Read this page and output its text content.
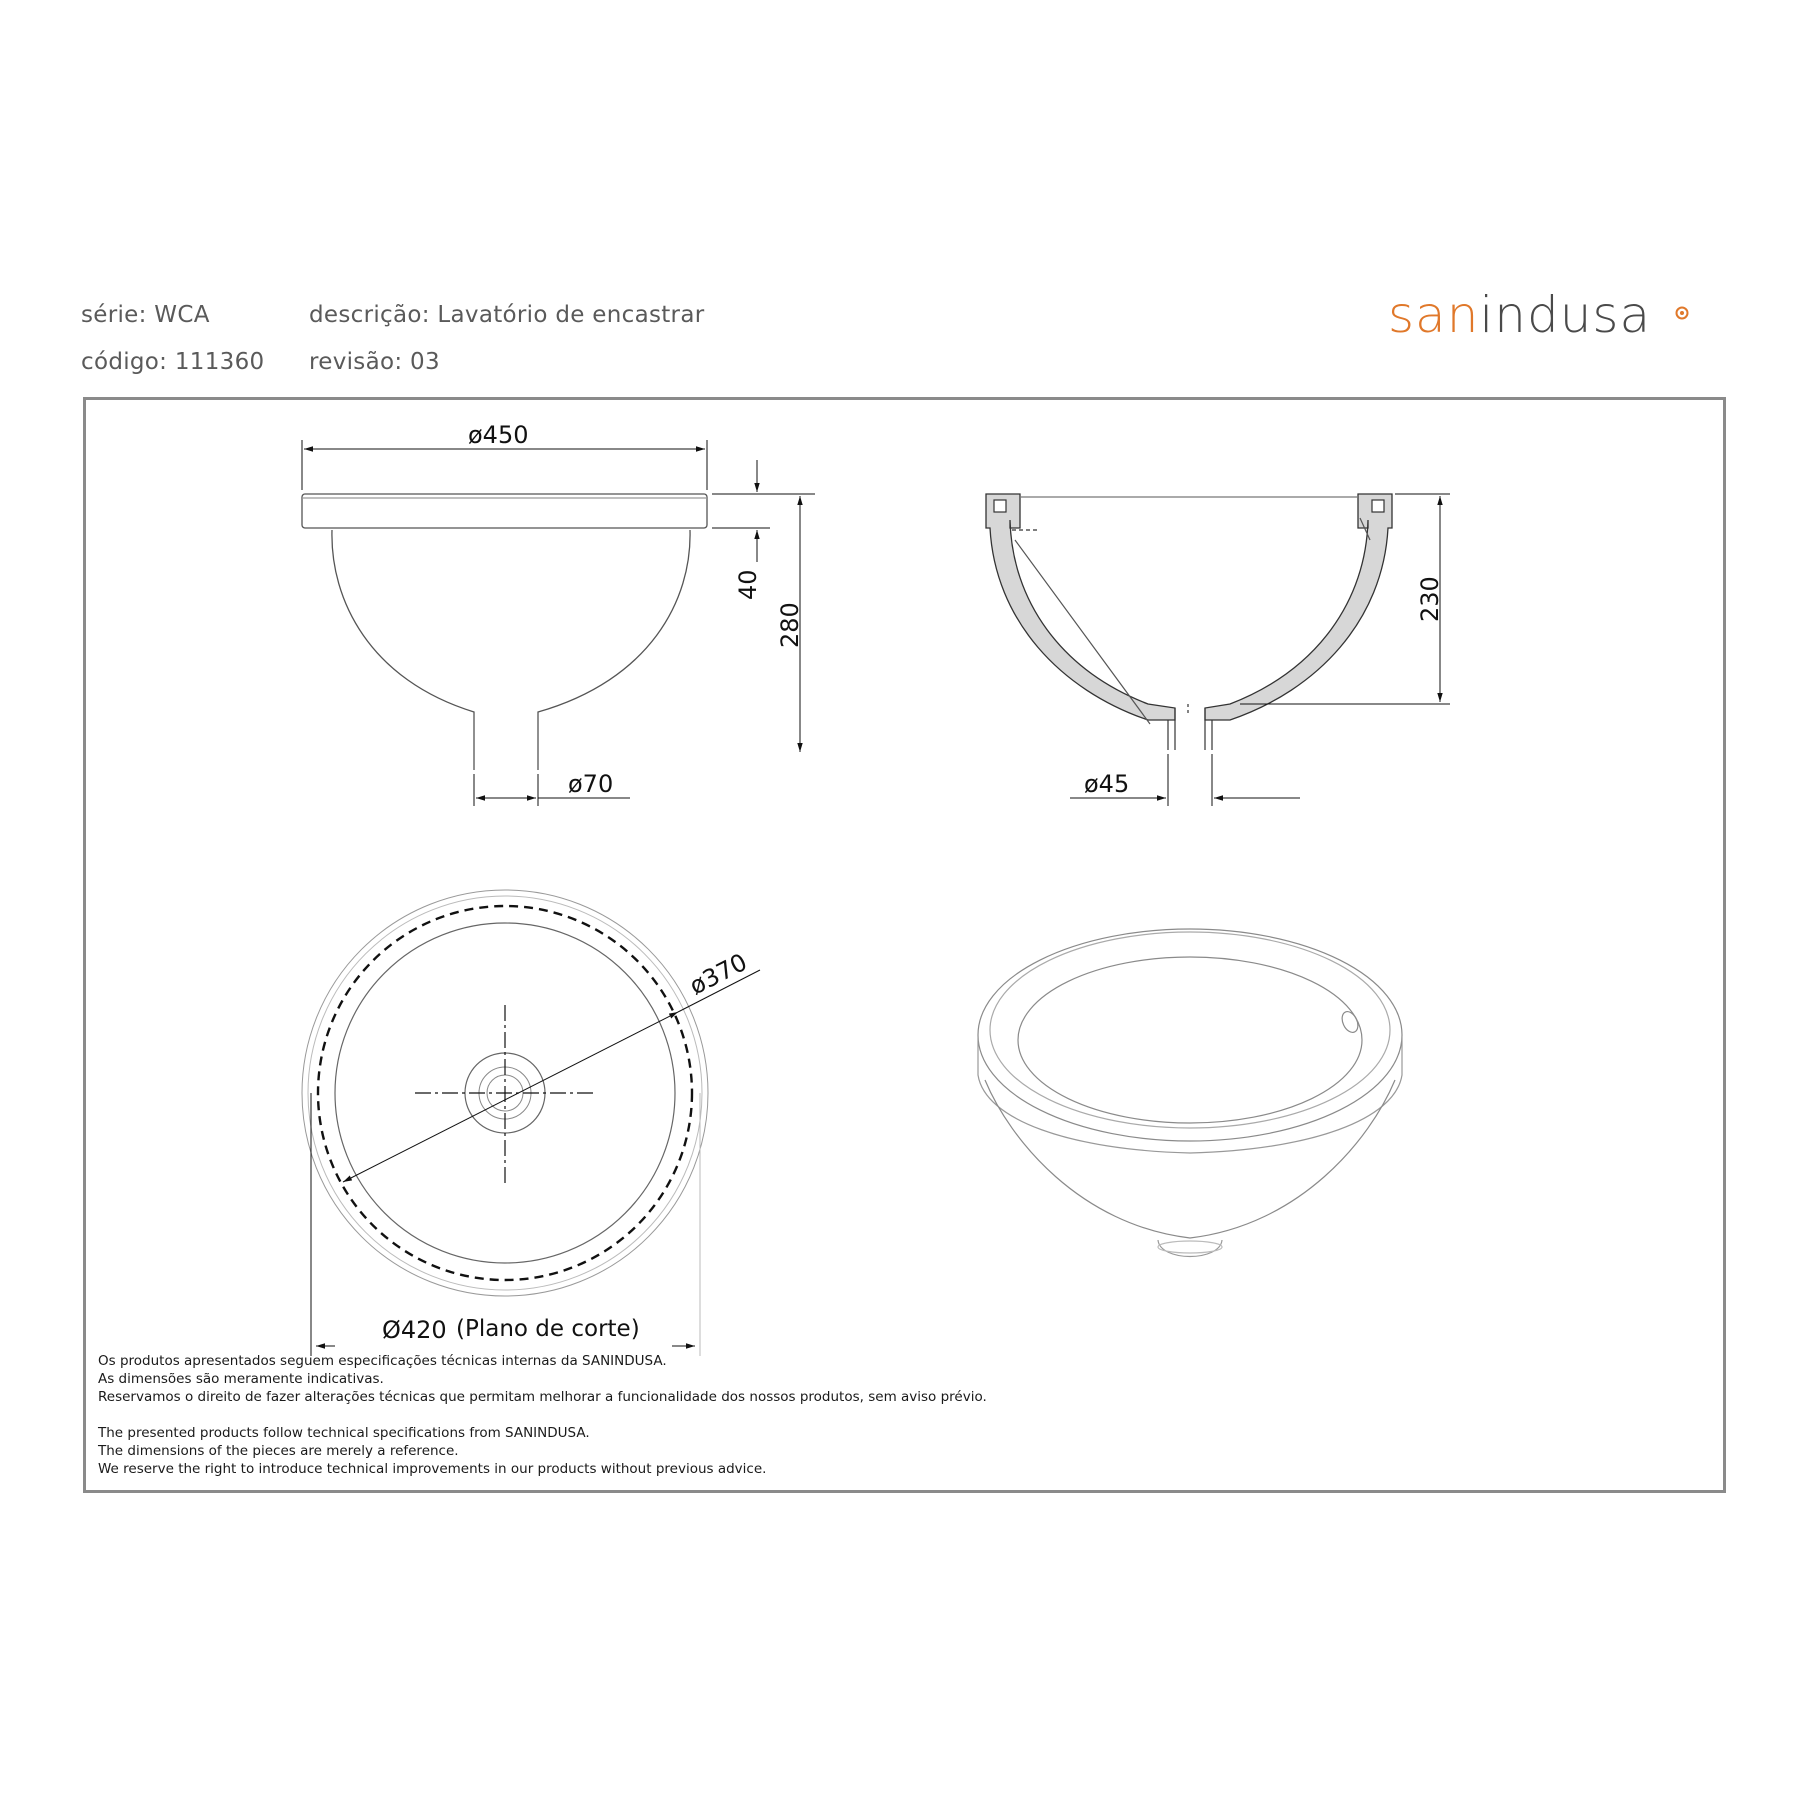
série: WCA
código: 111360
descrição: Lavatório de encastrar
revisão: 03
sanindusa
ø450
40
280
ø70
230
ø45
ø370
Ø420 (Plano de corte)
Os produtos apresentados seguem especificações técnicas internas da SANINDUSA.
As dimensões são meramente indicativas.
Reservamos o direito de fazer alterações técnicas que permitam melhorar a funcionalidade dos nossos produtos, sem aviso prévio.
The presented products follow technical specifications from SANINDUSA.
The dimensions of the pieces are merely a reference.
We reserve the right to introduce technical improvements in our products without previous advice.
